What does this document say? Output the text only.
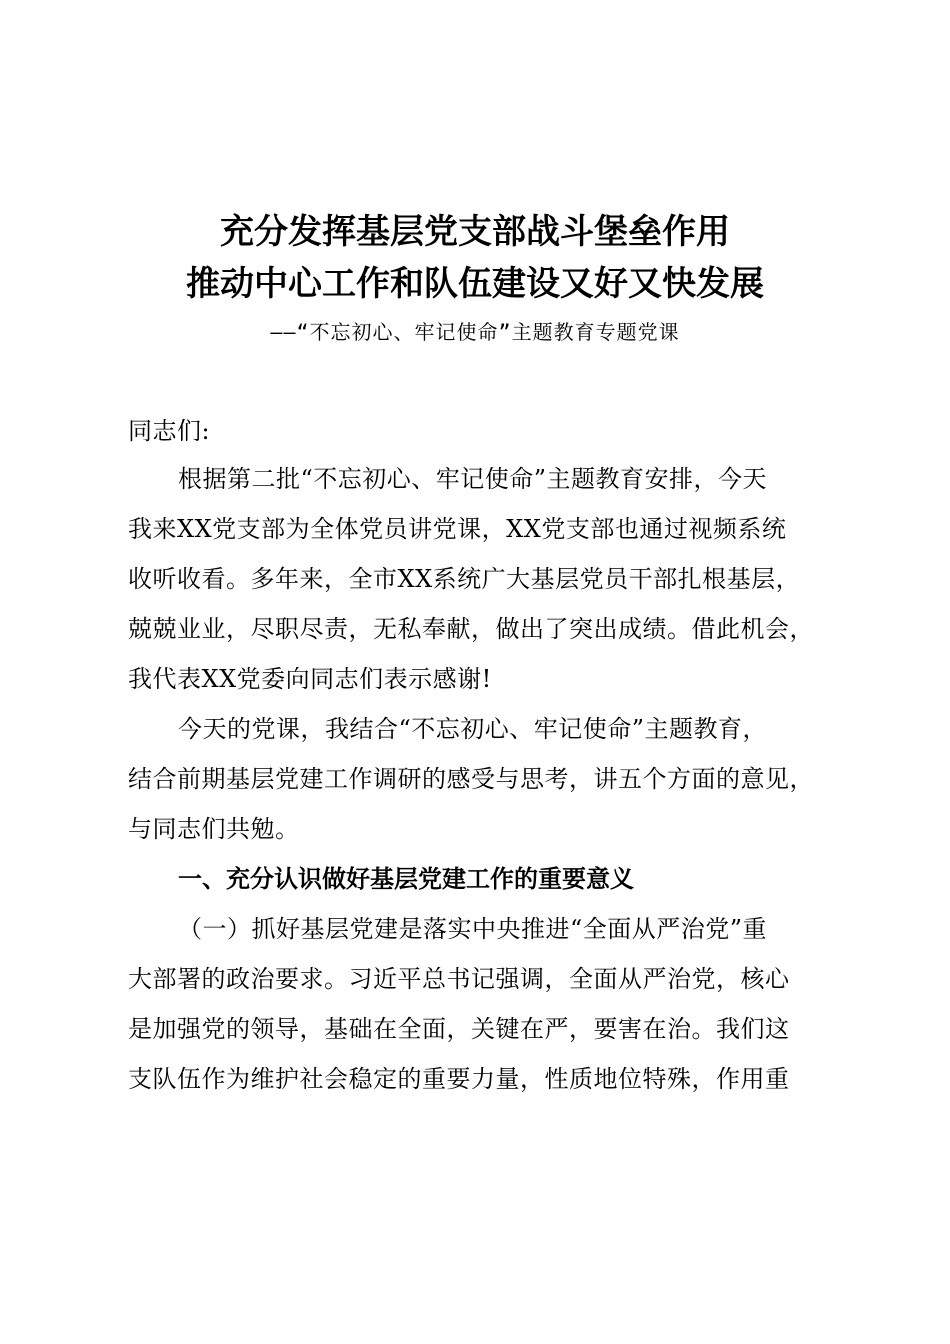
充分发挥基层党支部战斗堡垒作用
推动中心工作和队伍建设又好又快发展
——“不忘初心、牢记使命”主题教育专题党课
同志们:
根据第二批“不忘初心、牢记使命”主题教育安排，今天
我来XX党支部为全体党员讲党课，XX党支部也通过视频系统
收听收看。多年来，全市XX系统广大基层党员干部扎根基层，
兢兢业业，尽职尽责，无私奉献，做出了突出成绩。借此机会，
我代表XX党委向同志们表示感谢!
今天的党课，我结合“不忘初心、牢记使命”主题教育，
结合前期基层党建工作调研的感受与思考，讲五个方面的意见，
与同志们共勉。
一、充分认识做好基层党建工作的重要意义
（一）抓好基层党建是落实中央推进“全面从严治党”重
大部署的政治要求。习近平总书记强调，全面从严治党，核心
是加强党的领导，基础在全面，关键在严，要害在治。我们这
支队伍作为维护社会稳定的重要力量，性质地位特殊，作用重
